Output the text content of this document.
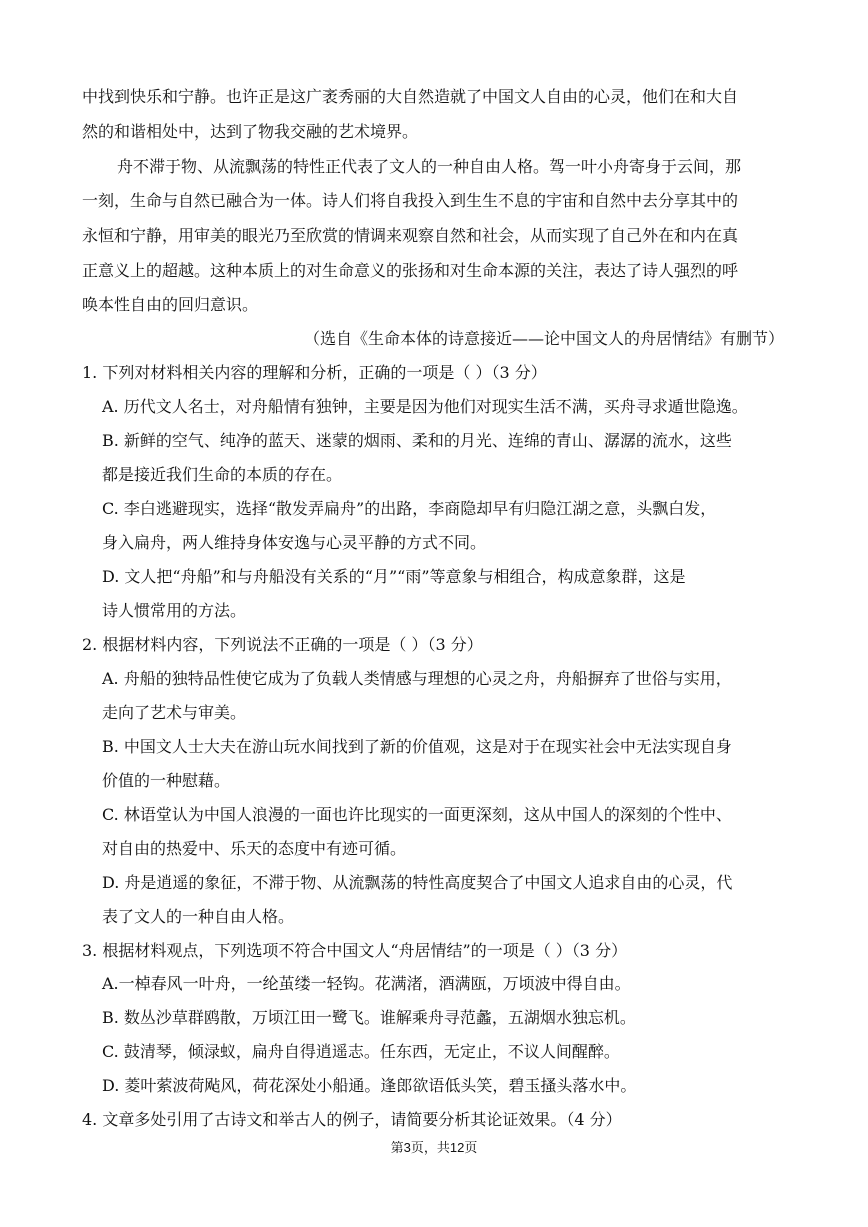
中找到快乐和宁静。也许正是这广袤秀丽的大自然造就了中国文人自由的心灵，他们在和大自
然的和谐相处中，达到了物我交融的艺术境界。
舟不滞于物、从流飘荡的特性正代表了文人的一种自由人格。驾一叶小舟寄身于云间，那
一刻，生命与自然已融合为一体。诗人们将自我投入到生生不息的宇宙和自然中去分享其中的
永恒和宁静，用审美的眼光乃至欣赏的情调来观察自然和社会，从而实现了自己外在和内在真
正意义上的超越。这种本质上的对生命意义的张扬和对生命本源的关注，表达了诗人强烈的呼
唤本性自由的回归意识。
（选自《生命本体的诗意接近——论中国文人的舟居情结》有删节）
1. 下列对材料相关内容的理解和分析，正确的一项是（ ）（3 分）
A. 历代文人名士，对舟船情有独钟，主要是因为他们对现实生活不满，买舟寻求遁世隐逸。
B. 新鲜的空气、纯净的蓝天、迷蒙的烟雨、柔和的月光、连绵的青山、潺潺的流水，这些
都是接近我们生命的本质的存在。
C. 李白逃避现实，选择“散发弄扁舟”的出路，李商隐却早有归隐江湖之意，头飘白发，
身入扁舟，两人维持身体安逸与心灵平静的方式不同。
D. 文人把“舟船”和与舟船没有关系的“月”“雨”等意象与相组合，构成意象群，这是
诗人惯常用的方法。
2. 根据材料内容，下列说法不正确的一项是（ ）（3 分）
A. 舟船的独特品性使它成为了负载人类情感与理想的心灵之舟，舟船摒弃了世俗与实用，
走向了艺术与审美。
B. 中国文人士大夫在游山玩水间找到了新的价值观，这是对于在现实社会中无法实现自身
价值的一种慰藉。
C. 林语堂认为中国人浪漫的一面也许比现实的一面更深刻，这从中国人的深刻的个性中、
对自由的热爱中、乐天的态度中有迹可循。
D. 舟是逍遥的象征，不滞于物、从流飘荡的特性高度契合了中国文人追求自由的心灵，代
表了文人的一种自由人格。
3. 根据材料观点，下列选项不符合中国文人“舟居情结”的一项是（ ）（3 分）
A.一棹春风一叶舟，一纶茧缕一轻钩。花满渚，酒满瓯，万顷波中得自由。
B. 数丛沙草群鸥散，万顷江田一鹭飞。谁解乘舟寻范蠡，五湖烟水独忘机。
C. 鼓清琴，倾渌蚁，扁舟自得逍遥志。任东西，无定止，不议人间醒醉。
D. 菱叶萦波荷飐风，荷花深处小船通。逢郎欲语低头笑，碧玉搔头落水中。
4. 文章多处引用了古诗文和举古人的例子，请简要分析其论证效果。（4 分）
第3页，共12页
